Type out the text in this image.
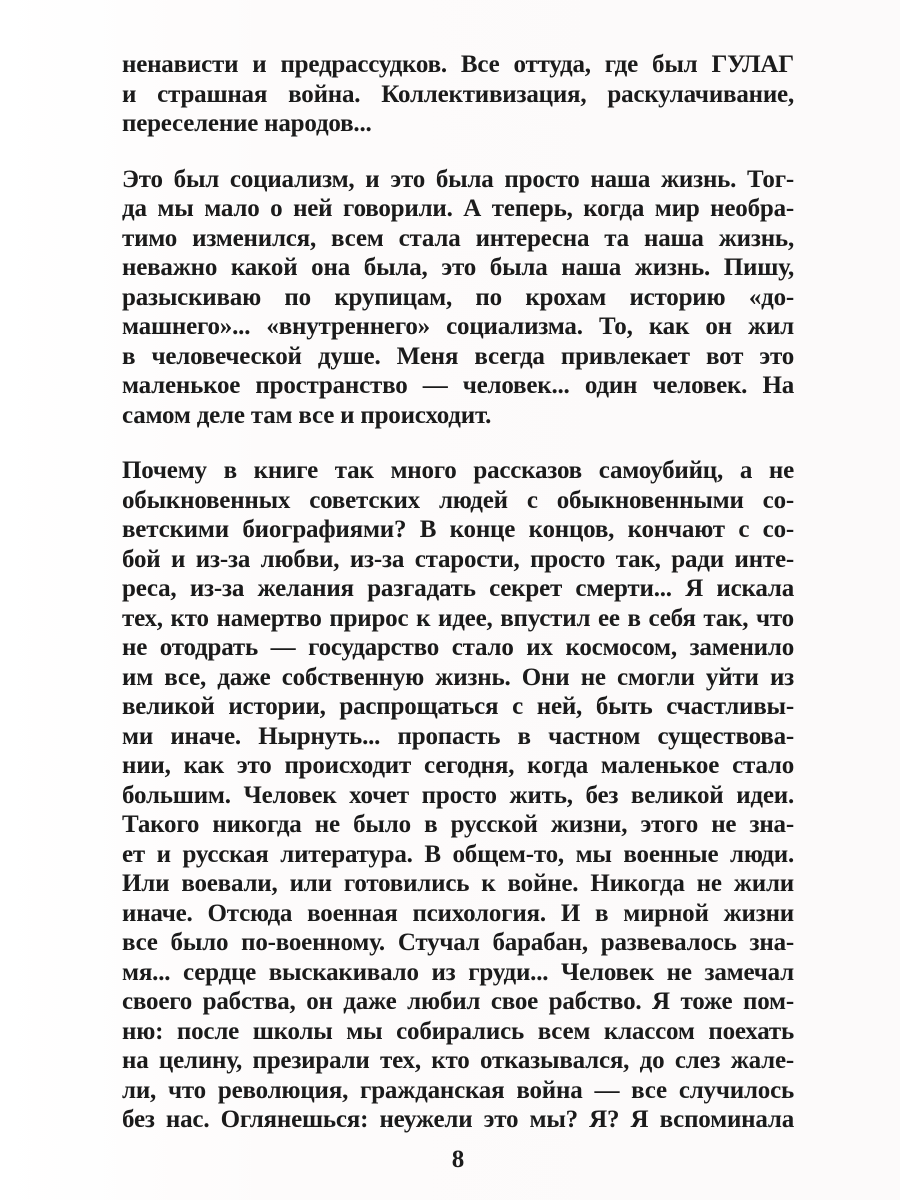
ненависти и предрассудков. Все оттуда, где был ГУЛАГ
и страшная война. Коллективизация, раскулачивание,
переселение народов...
Это был социализм, и это была просто наша жизнь. Тог-
да мы мало о ней говорили. А теперь, когда мир необра-
тимо изменился, всем стала интересна та наша жизнь,
неважно какой она была, это была наша жизнь. Пишу,
разыскиваю по крупицам, по крохам историю «до-
машнего»... «внутреннего» социализма. То, как он жил
в человеческой душе. Меня всегда привлекает вот это
маленькое пространство — человек... один человек. На
самом деле там все и происходит.
Почему в книге так много рассказов самоубийц, а не
обыкновенных советских людей с обыкновенными со-
ветскими биографиями? В конце концов, кончают с со-
бой и из-за любви, из-за старости, просто так, ради инте-
реса, из-за желания разгадать секрет смерти... Я искала
тех, кто намертво прирос к идее, впустил ее в себя так, что
не отодрать — государство стало их космосом, заменило
им все, даже собственную жизнь. Они не смогли уйти из
великой истории, распрощаться с ней, быть счастливы-
ми иначе. Нырнуть... пропасть в частном существова-
нии, как это происходит сегодня, когда маленькое стало
большим. Человек хочет просто жить, без великой идеи.
Такого никогда не было в русской жизни, этого не зна-
ет и русская литература. В общем-то, мы военные люди.
Или воевали, или готовились к войне. Никогда не жили
иначе. Отсюда военная психология. И в мирной жизни
все было по-военному. Стучал барабан, развевалось зна-
мя... сердце выскакивало из груди... Человек не замечал
своего рабства, он даже любил свое рабство. Я тоже пом-
ню: после школы мы собирались всем классом поехать
на целину, презирали тех, кто отказывался, до слез жале-
ли, что революция, гражданская война — все случилось
без нас. Оглянешься: неужели это мы? Я? Я вспоминала
8
